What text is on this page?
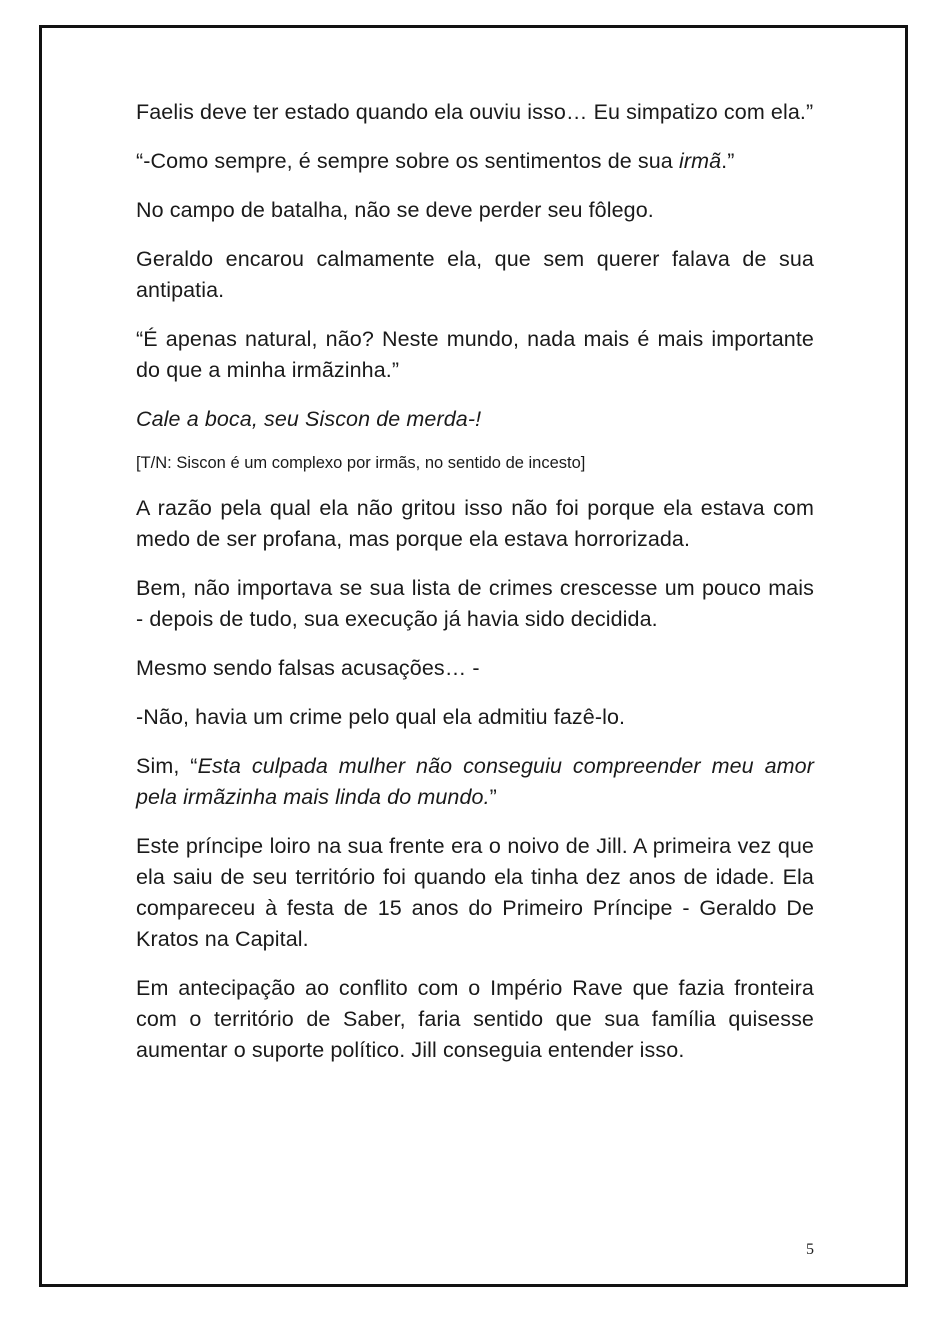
Faelis deve ter estado quando ela ouviu isso… Eu simpatizo com ela.”

“-Como sempre, é sempre sobre os sentimentos de sua irmã.”

No campo de batalha, não se deve perder seu fôlego.

Geraldo encarou calmamente ela, que sem querer falava de sua antipatia.

“É apenas natural, não? Neste mundo, nada mais é mais importante do que a minha irmãzinha.”

Cale a boca, seu Siscon de merda-!

[T/N: Siscon é um complexo por irmãs, no sentido de incesto]

A razão pela qual ela não gritou isso não foi porque ela estava com medo de ser profana, mas porque ela estava horrorizada.

Bem, não importava se sua lista de crimes crescesse um pouco mais - depois de tudo, sua execução já havia sido decidida.

Mesmo sendo falsas acusações… -

-Não, havia um crime pelo qual ela admitiu fazê-lo.

Sim, “Esta culpada mulher não conseguiu compreender meu amor pela irmãzinha mais linda do mundo.”

Este príncipe loiro na sua frente era o noivo de Jill. A primeira vez que ela saiu de seu território foi quando ela tinha dez anos de idade. Ela compareceu à festa de 15 anos do Primeiro Príncipe - Geraldo De Kratos na Capital.

Em antecipação ao conflito com o Império Rave que fazia fronteira com o território de Saber, faria sentido que sua família quisesse aumentar o suporte político. Jill conseguia entender isso.

5
